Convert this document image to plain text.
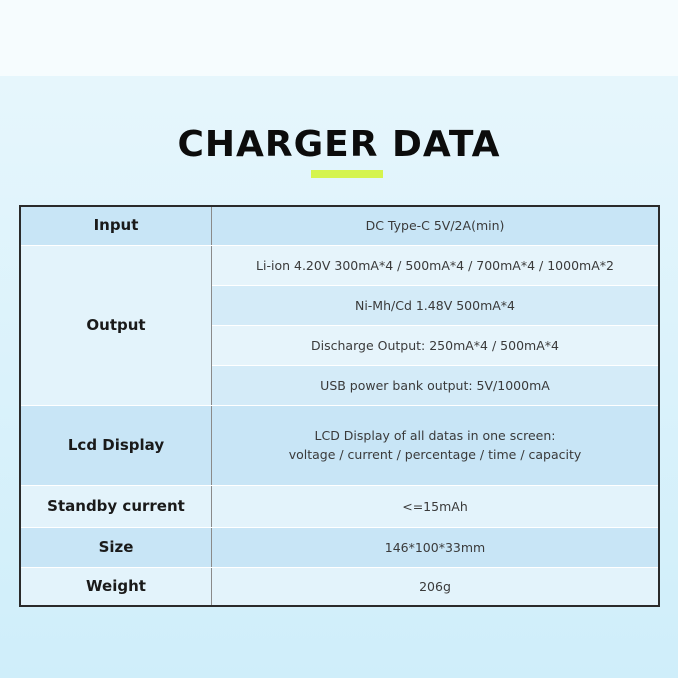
CHARGER DATA
Input	DC Type-C 5V/2A(min)
Output	Li-ion 4.20V 300mA*4 / 500mA*4 / 700mA*4 / 1000mA*2
	Ni-Mh/Cd 1.48V 500mA*4
	Discharge Output: 250mA*4 / 500mA*4
	USB power bank output: 5V/1000mA
Lcd Display	LCD Display of all datas in one screen:
voltage / current / percentage / time / capacity

Standby current	<=15mAh
Size	146*100*33mm
Weight	206g
